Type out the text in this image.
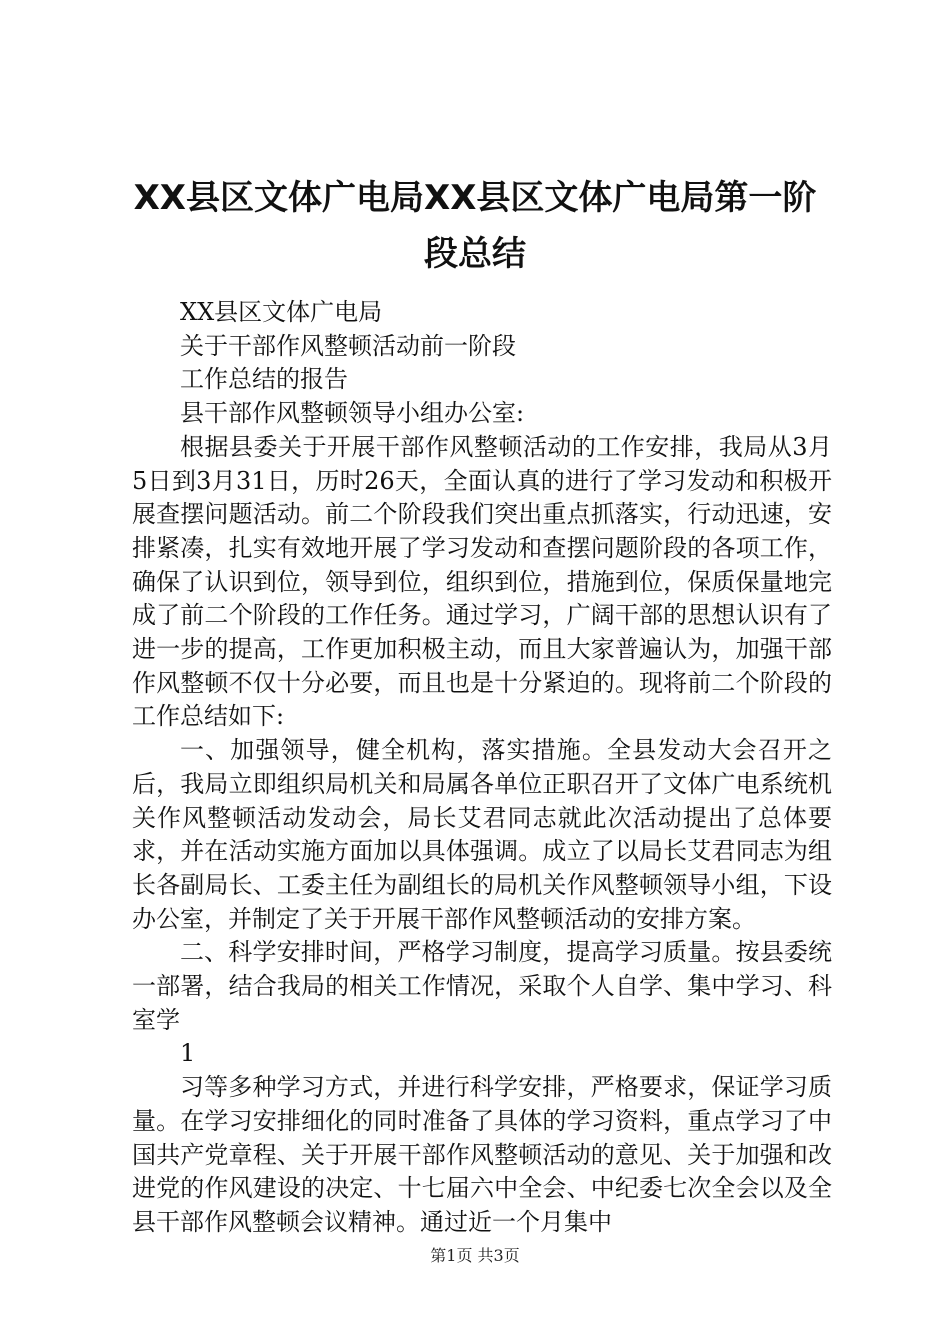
XX县区文体广电局XX县区文体广电局第一阶
段总结

XX县区文体广电局

关于干部作风整顿活动前一阶段

工作总结的报告

县干部作风整顿领导小组办公室:

根据县委关于开展干部作风整顿活动的工作安排，我局从3月5日到3月31日，历时26天，全面认真的进行了学习发动和积极开展查摆问题活动。前二个阶段我们突出重点抓落实，行动迅速，安排紧凑，扎实有效地开展了学习发动和查摆问题阶段的各项工作，确保了认识到位，领导到位，组织到位，措施到位，保质保量地完成了前二个阶段的工作任务。通过学习，广阔干部的思想认识有了进一步的提高，工作更加积极主动，而且大家普遍认为，加强干部作风整顿不仅十分必要，而且也是十分紧迫的。现将前二个阶段的工作总结如下:

一、加强领导，健全机构，落实措施。全县发动大会召开之后，我局立即组织局机关和局属各单位正职召开了文体广电系统机关作风整顿活动发动会，局长艾君同志就此次活动提出了总体要求，并在活动实施方面加以具体强调。成立了以局长艾君同志为组长各副局长、工委主任为副组长的局机关作风整顿领导小组，下设办公室，并制定了关于开展干部作风整顿活动的安排方案。

二、科学安排时间，严格学习制度，提高学习质量。按县委统一部署，结合我局的相关工作情况，采取个人自学、集中学习、科室学

1

习等多种学习方式，并进行科学安排，严格要求，保证学习质量。在学习安排细化的同时准备了具体的学习资料，重点学习了中国共产党章程、关于开展干部作风整顿活动的意见、关于加强和改进党的作风建设的决定、十七届六中全会、中纪委七次全会以及全县干部作风整顿会议精神。通过近一个月集中

第1页 共3页
